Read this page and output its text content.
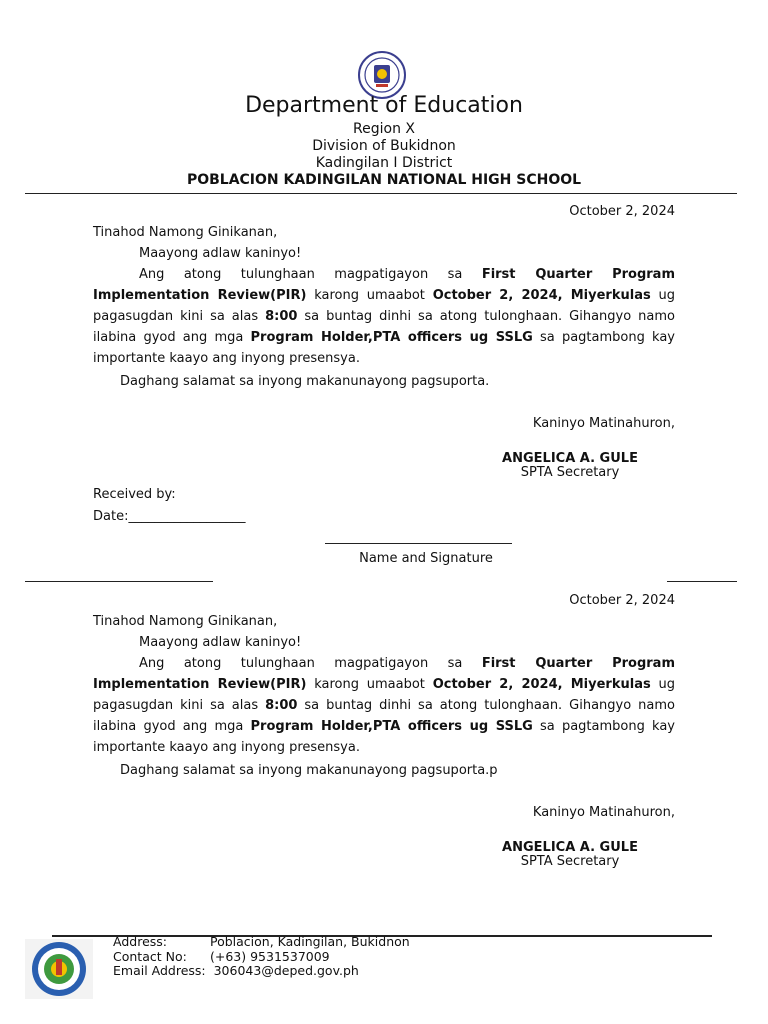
Department of Education
Region X
Division of Bukidnon
Kadingilan I District
POBLACION KADINGILAN NATIONAL HIGH SCHOOL
October 2, 2024
Tinahod Namong Ginikanan,
Maayong adlaw kaninyo!
Ang atong tulunghaan magpatigayon sa First Quarter Program Implementation Review(PIR) karong umaabot October 2, 2024, Miyerkulas ug pagasugdan kini sa alas 8:00 sa buntag dinhi sa atong tulonghaan. Gihangyo namo ilabina gyod ang mga Program Holder,PTA officers ug SSLG sa pagtambong kay importante kaayo ang inyong presensya.
Daghang salamat sa inyong makanunayong pagsuporta.
Kaninyo Matinahuron,
ANGELICA A. GULE
SPTA Secretary
Received by:
Date:__________________
Name and Signature
October 2, 2024
Tinahod Namong Ginikanan,
Maayong adlaw kaninyo!
Ang atong tulunghaan magpatigayon sa First Quarter Program Implementation Review(PIR) karong umaabot October 2, 2024, Miyerkulas ug pagasugdan kini sa alas 8:00 sa buntag dinhi sa atong tulonghaan. Gihangyo namo ilabina gyod ang mga Program Holder,PTA officers ug SSLG sa pagtambong kay importante kaayo ang inyong presensya.
Daghang salamat sa inyong makanunayong pagsuporta.p
Kaninyo Matinahuron,
ANGELICA A. GULE
SPTA Secretary
Address:	Poblacion, Kadingilan, Bukidnon
Contact No: (+63) 9531537009
Email Address: 306043@deped.gov.ph
